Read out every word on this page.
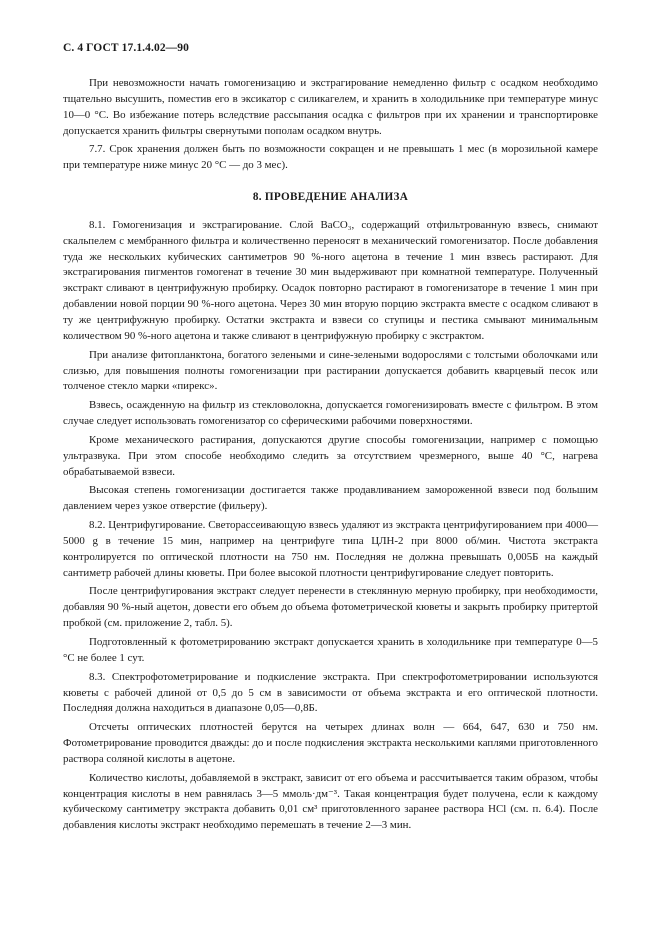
С. 4 ГОСТ 17.1.4.02—90

При невозможности начать гомогенизацию и экстрагирование немедленно фильтр с осадком необходимо тщательно высушить, поместив его в эксикатор с силикагелем, и хранить в холодильнике при температуре минус 10—0 °С. Во избежание потерь вследствие рассыпания осадка с фильтров при их хранении и транспортировке допускается хранить фильтры свернутыми пополам осадком внутрь.

7.7. Срок хранения должен быть по возможности сокращен и не превышать 1 мес (в морозильной камере при температуре ниже минус 20 °С — до 3 мес).

8. ПРОВЕДЕНИЕ АНАЛИЗА

8.1. Гомогенизация и экстрагирование. Слой BaCO₃, содержащий отфильтрованную взвесь, снимают скальпелем с мембранного фильтра и количественно переносят в механический гомогенизатор. После добавления туда же нескольких кубических сантиметров 90 %-ного ацетона в течение 1 мин взвесь растирают. Для экстрагирования пигментов гомогенат в течение 30 мин выдерживают при комнатной температуре. Полученный экстракт сливают в центрифужную пробирку. Осадок повторно растирают в гомогенизаторе в течение 1 мин при добавлении новой порции 90 %-ного ацетона. Через 30 мин вторую порцию экстракта вместе с осадком сливают в ту же центрифужную пробирку. Остатки экстракта и взвеси со ступицы и пестика смывают минимальным количеством 90 %-ного ацетона и также сливают в центрифужную пробирку с экстрактом.

При анализе фитопланктона, богатого зелеными и сине-зелеными водорослями с толстыми оболочками или слизью, для повышения полноты гомогенизации при растирании допускается добавить кварцевый песок или толченое стекло марки «пирекс».

Взвесь, осажденную на фильтр из стекловолокна, допускается гомогенизировать вместе с фильтром. В этом случае следует использовать гомогенизатор со сферическими рабочими поверхностями.

Кроме механического растирания, допускаются другие способы гомогенизации, например с помощью ультразвука. При этом способе необходимо следить за отсутствием чрезмерного, выше 40 °С, нагрева обрабатываемой взвеси.

Высокая степень гомогенизации достигается также продавливанием замороженной взвеси под большим давлением через узкое отверстие (фильеру).

8.2. Центрифугирование. Светорассеивающую взвесь удаляют из экстракта центрифугированием при 4000—5000 g в течение 15 мин, например на центрифуге типа ЦЛН-2 при 8000 об/мин. Чистота экстракта контролируется по оптической плотности на 750 нм. Последняя не должна превышать 0,005Б на каждый сантиметр рабочей длины кюветы. При более высокой плотности центрифугирование следует повторить.

После центрифугирования экстракт следует перенести в стеклянную мерную пробирку, при необходимости, добавляя 90 %-ный ацетон, довести его объем до объема фотометрической кюветы и закрыть пробирку притертой пробкой (см. приложение 2, табл. 5).

Подготовленный к фотометрированию экстракт допускается хранить в холодильнике при температуре 0—5 °С не более 1 сут.

8.3. Спектрофотометрирование и подкисление экстракта. При спектрофотометрировании используются кюветы с рабочей длиной от 0,5 до 5 см в зависимости от объема экстракта и его оптической плотности. Последняя должна находиться в диапазоне 0,05—0,8Б.

Отсчеты оптических плотностей берутся на четырех длинах волн — 664, 647, 630 и 750 нм. Фотометрирование проводится дважды: до и после подкисления экстракта несколькими каплями приготовленного раствора соляной кислоты в ацетоне.

Количество кислоты, добавляемой в экстракт, зависит от его объема и рассчитывается таким образом, чтобы концентрация кислоты в нем равнялась 3—5 ммоль·дм⁻³. Такая концентрация будет получена, если к каждому кубическому сантиметру экстракта добавить 0,01 см³ приготовленного заранее раствора HCl (см. п. 6.4). После добавления кислоты экстракт необходимо перемешать в течение 2—3 мин.
